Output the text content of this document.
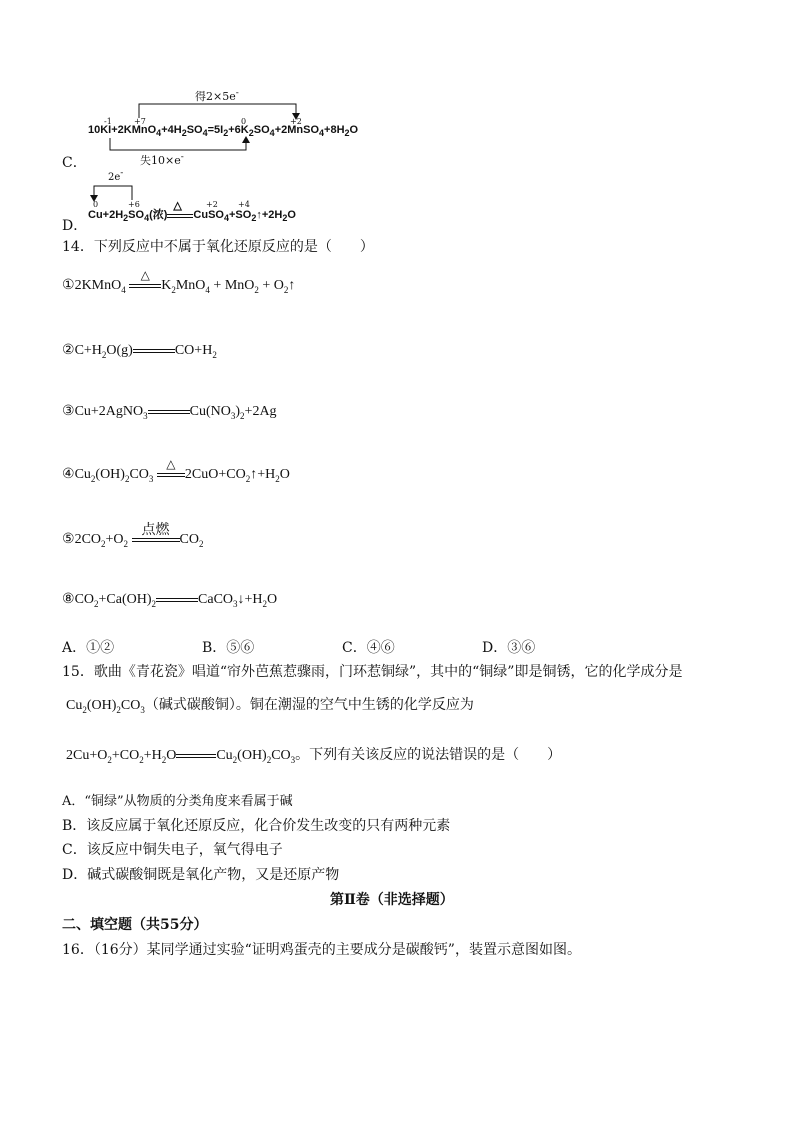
C．
得2×5e-
失10×e-
-1	+7	0	+2
$10KI+2KMnO_4+4H_2SO_4=5I_2+6K_2SO_4+2MnSO_4+8H_2O$
D．
2e-
0	+6	+2	+4
$Cu+2H_2SO_4$(浓)
△
$CuSO_4+SO_2↑+2H_2O$
14．下列反应中不属于氧化还原反应的是（　　）
①2KMnO$_4$
△
$K_2MnO_4 + MnO_2$ + $O_2↑$
$②C+H_2O(g)$	$CO+H_2$
③Cu+2AgNO$_3$	$Cu(NO_3)_2+2Ag$
$④Cu_2(OH)_2CO_3$
△
$2CuO+CO_2↑+H_2O$
$⑤2CO_2+O_2$
点燃
$CO_2$
$⑧CO_2+Ca(OH)_2$	$CaCO_3↓+H_2O$
A．①②	B．⑤⑥	C．④⑥	D．③⑥
15．歌曲《青花瓷》唱道“帘外芭蕉惹骤雨，门环惹铜绿”，其中的“铜绿”即是铜锈，它的化学成分是
$Cu_2(OH)_2CO_3$（碱式碳酸铜）。铜在潮湿的空气中生锈的化学反应为
$2Cu+O_2+CO_2+H_2O$	$Cu_2(OH)_2CO_3$。下列有关该反应的说法错误的是（　　）
A．“铜绿”从物质的分类角度来看属于碱
B．该反应属于氧化还原反应，化合价发生改变的只有两种元素
C．该反应中铜失电子，氧气得电子
D．碱式碳酸铜既是氧化产物，又是还原产物
第Ⅱ卷（非选择题）
二、填空题（共55分）
16．（16分）某同学通过实验“证明鸡蛋壳的主要成分是碳酸钙”，装置示意图如图。
